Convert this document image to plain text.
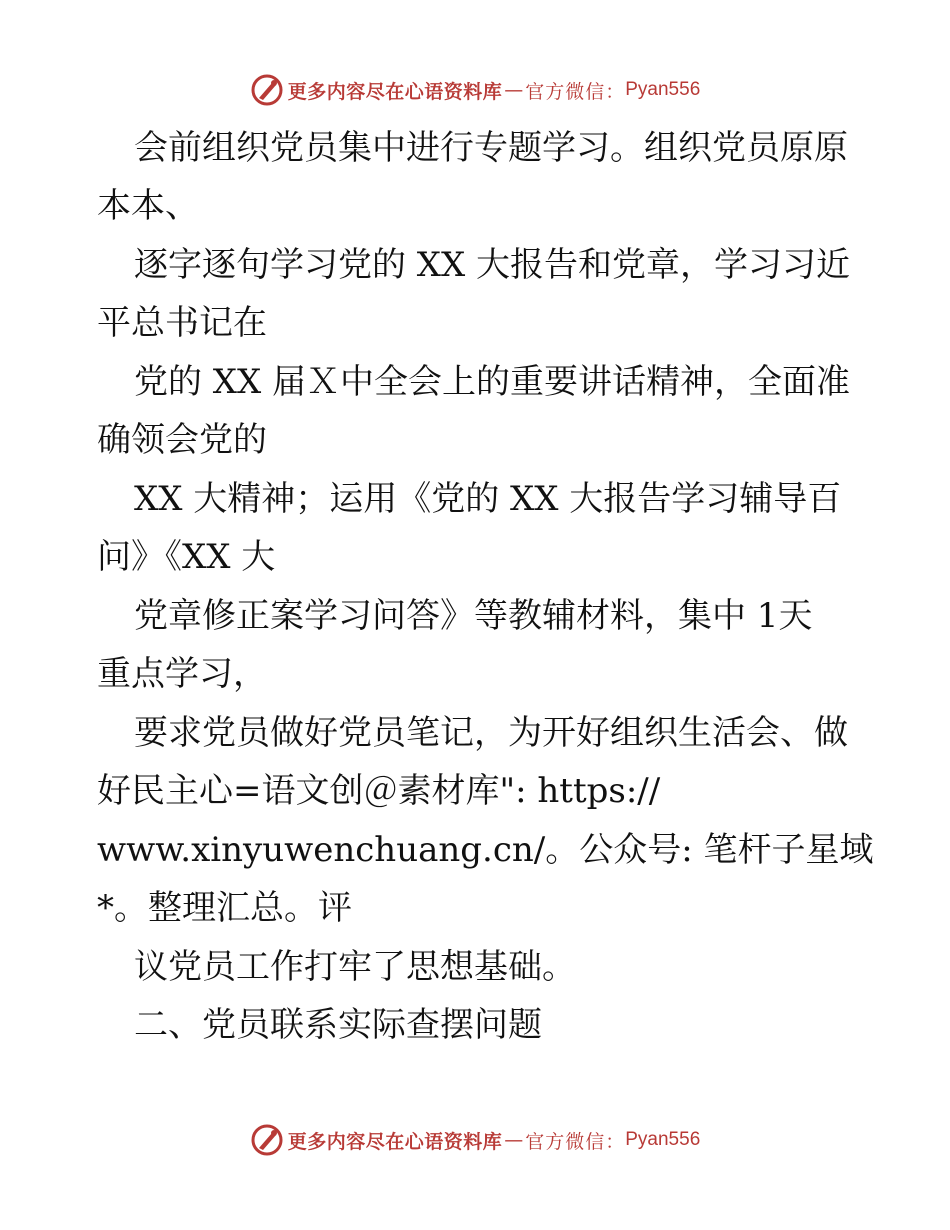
更多内容尽在心语资料库 — 官方微信： Pyan556
会前组织党员集中进行专题学习。组织党员原原
本本、
逐字逐句学习党的 XX 大报告和党章，学习习近
平总书记在
党的 XX 届Ｘ中全会上的重要讲话精神，全面准
确领会党的
XX 大精神；运用《党的 XX 大报告学习辅导百
问》《XX 大
党章修正案学习问答》等教辅材料，集中 1天
重点学习，
要求党员做好党员笔记，为开好组织生活会、做
好民主心=语文创＠素材库": https://
www.xinyuwenchuang.cn/。公众号: 笔杆子星域
*。整理汇总。评
议党员工作打牢了思想基础。
二、党员联系实际查摆问题
更多内容尽在心语资料库 — 官方微信： Pyan556
